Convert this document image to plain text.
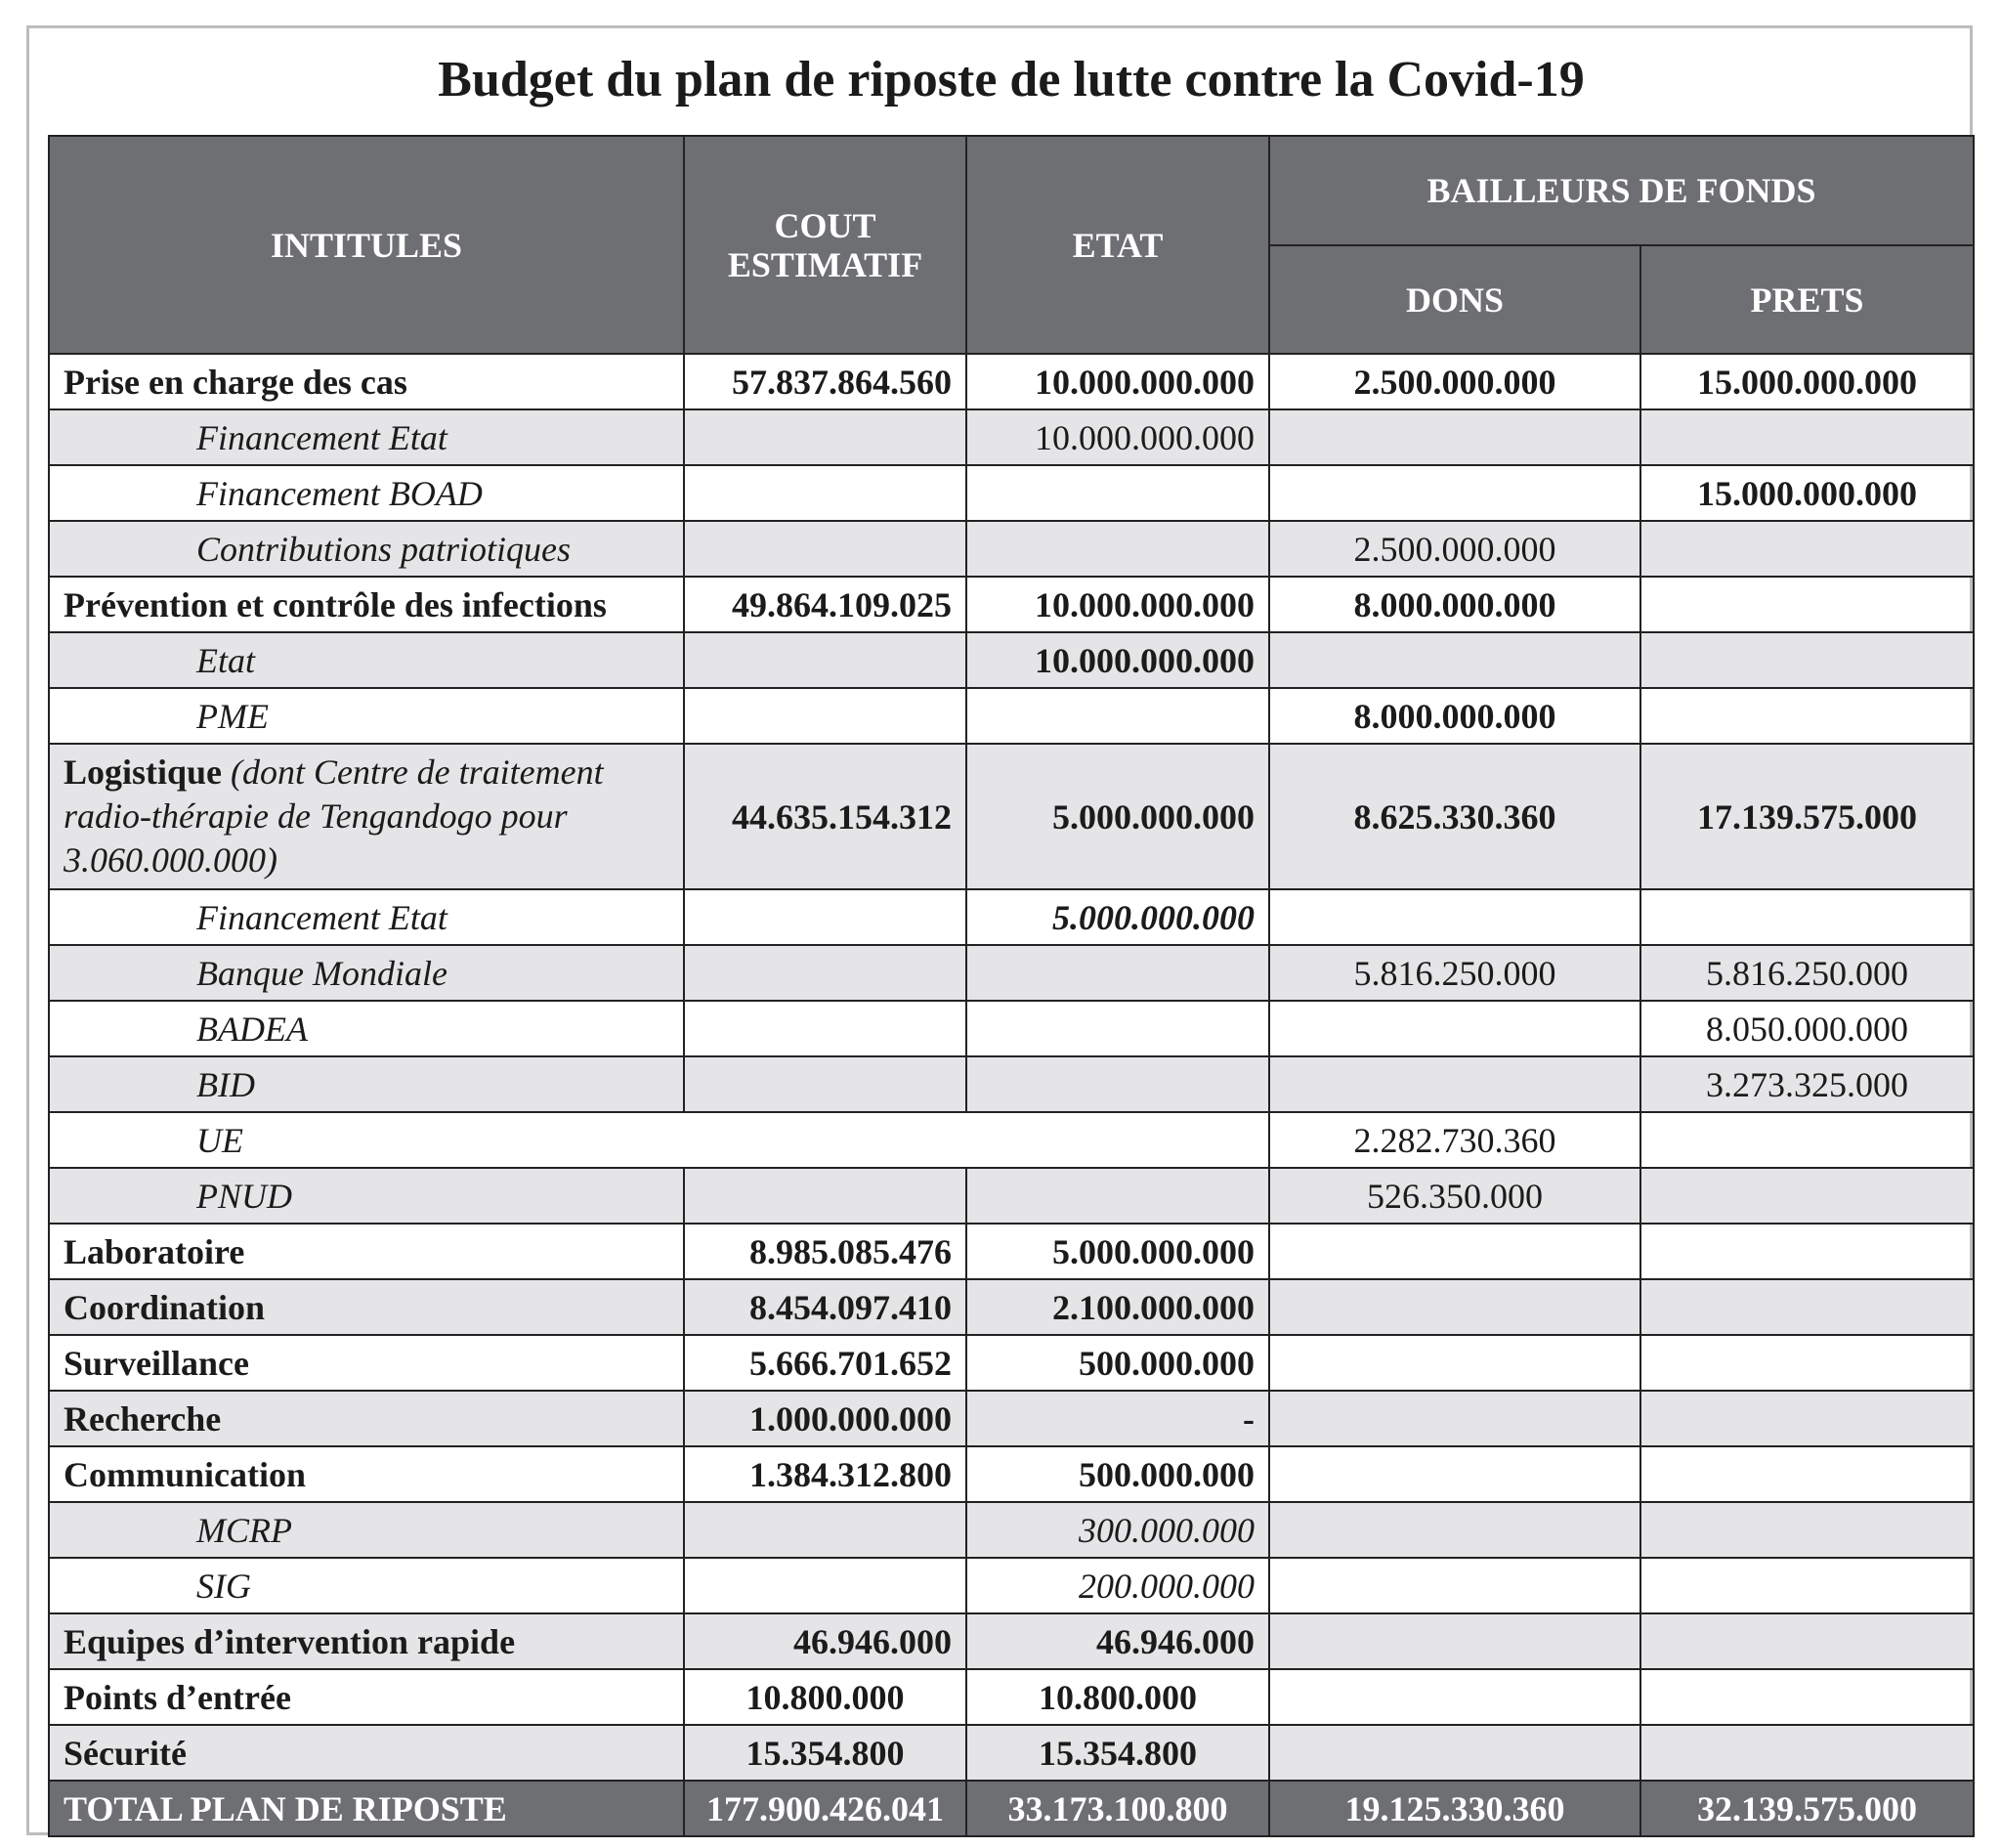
Budget du plan de riposte de lutte contre la Covid-19
INTITULES	COUT ESTIMATIF	ETAT	BAILLEURS DE FONDS	
			DONS	PRETS
Prise en charge des cas	57.837.864.560	10.000.000.000	2.500.000.000	15.000.000.000
Financement Etat		10.000.000.000		
Financement BOAD				15.000.000.000
Contributions patriotiques			2.500.000.000	
Prévention et contrôle des infections	49.864.109.025	10.000.000.000	8.000.000.000	
Etat		10.000.000.000		
PME			8.000.000.000	
Logistique (dont Centre de traitement radio-thérapie de Tengandogo pour 3.060.000.000)	44.635.154.312	5.000.000.000	8.625.330.360	17.139.575.000
Financement Etat		5.000.000.000		
Banque Mondiale			5.816.250.000	5.816.250.000
BADEA				8.050.000.000
BID				3.273.325.000
UE			2.282.730.360	
PNUD			526.350.000	
Laboratoire	8.985.085.476	5.000.000.000		
Coordination	8.454.097.410	2.100.000.000		
Surveillance	5.666.701.652	500.000.000		
Recherche	1.000.000.000	-		
Communication	1.384.312.800	500.000.000		
MCRP		300.000.000		
SIG		200.000.000		
Equipes d’intervention rapide	46.946.000	46.946.000		
Points d’entrée	10.800.000	10.800.000		
Sécurité	15.354.800	15.354.800		
TOTAL PLAN DE RIPOSTE	177.900.426.041	33.173.100.800	19.125.330.360	32.139.575.000
